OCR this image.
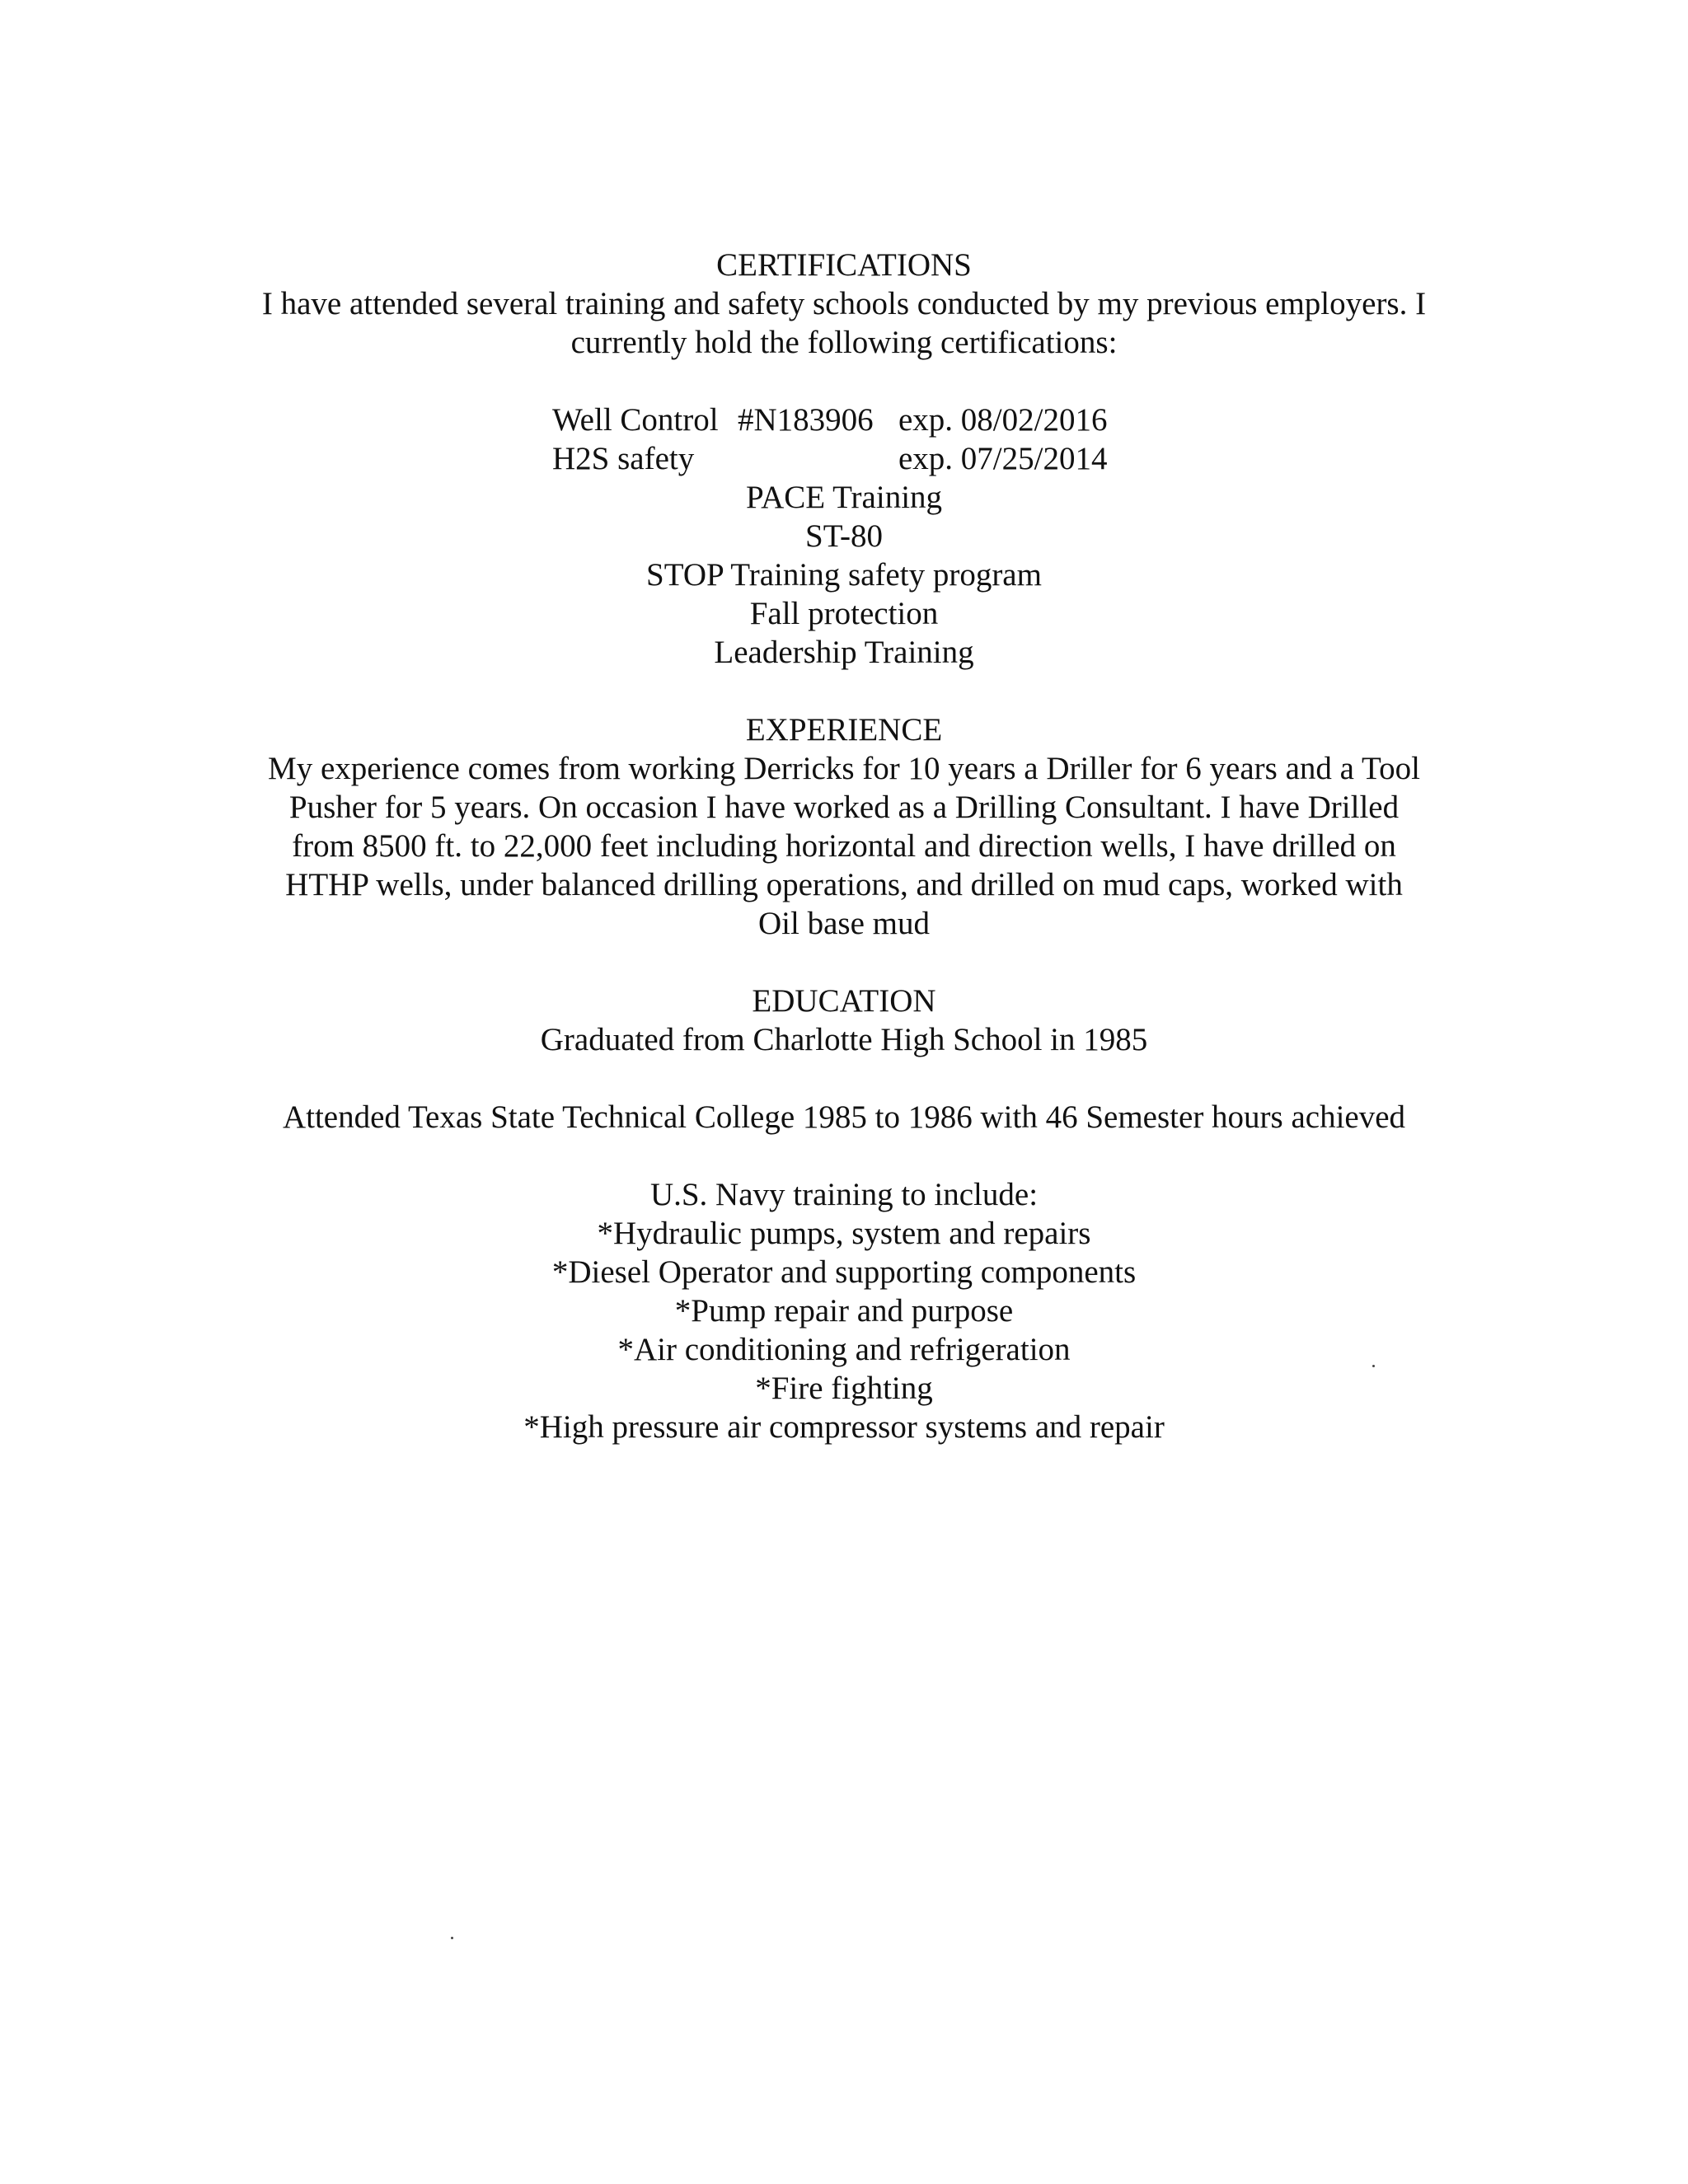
CERTIFICATIONS
I have attended several training and safety schools conducted by my previous employers. I
currently hold the following certifications:
Well Control #N183906 exp. 08/02/2016
H2S safety	exp. 07/25/2014
PACE Training
ST-80
STOP Training safety program
Fall protection
Leadership Training
EXPERIENCE
My experience comes from working Derricks for 10 years a Driller for 6 years and a Tool
Pusher for 5 years. On occasion I have worked as a Drilling Consultant. I have Drilled
from 8500 ft. to 22,000 feet including horizontal and direction wells, I have drilled on
HTHP wells, under balanced drilling operations, and drilled on mud caps, worked with
Oil base mud
EDUCATION
Graduated from Charlotte High School in 1985
Attended Texas State Technical College 1985 to 1986 with 46 Semester hours achieved
U.S. Navy training to include:
*Hydraulic pumps, system and repairs
*Diesel Operator and supporting components
*Pump repair and purpose
*Air conditioning and refrigeration
*Fire fighting
*High pressure air compressor systems and repair
